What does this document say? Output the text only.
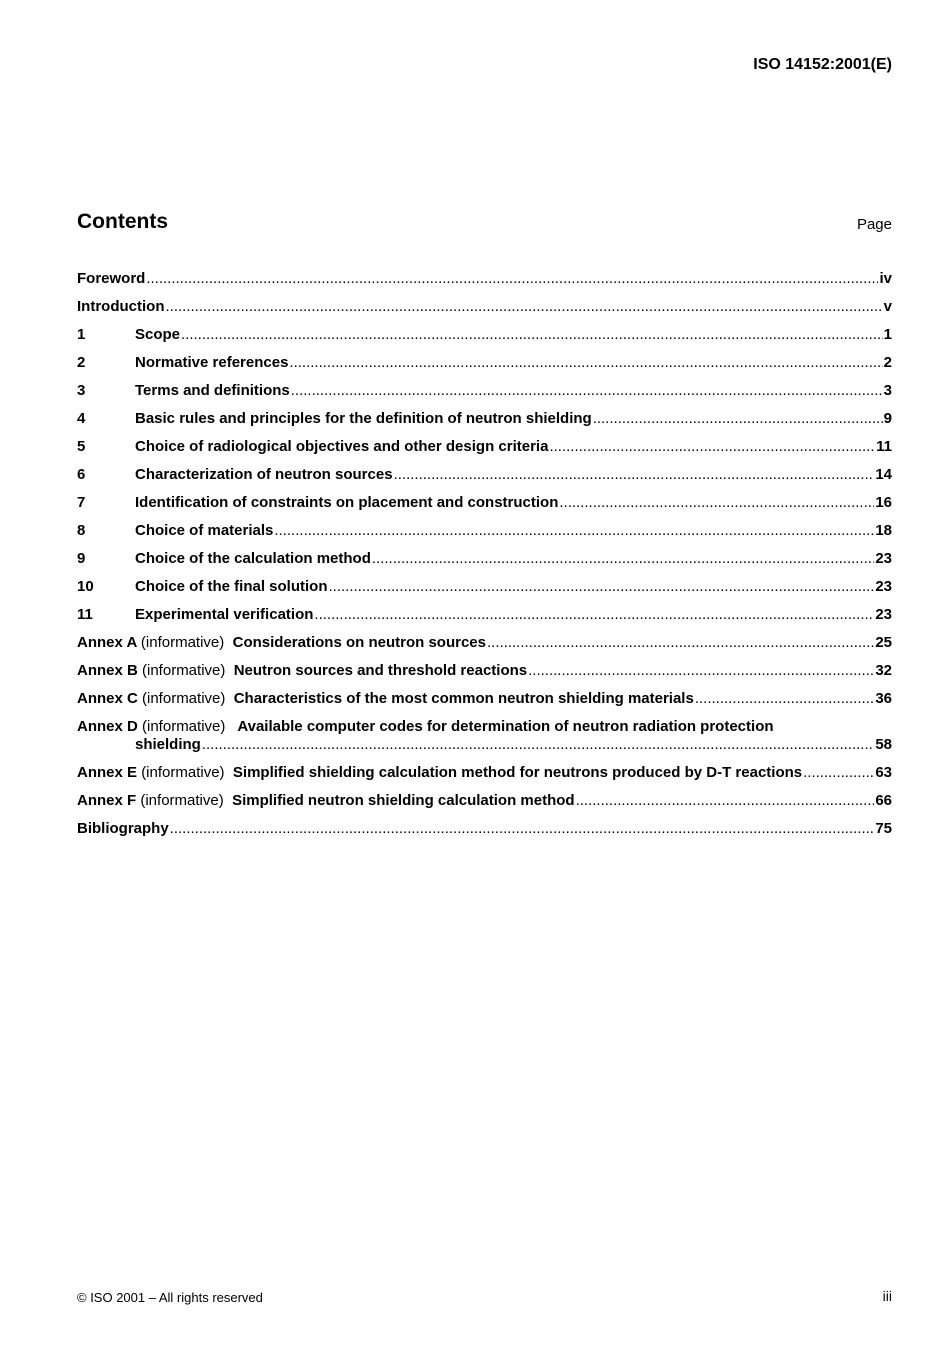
ISO 14152:2001(E)
Contents	Page
Foreword .....	iv
Introduction .....	v
1	Scope .....	1
2	Normative references .....	2
3	Terms and definitions .....	3
4	Basic rules and principles for the definition of neutron shielding .....	9
5	Choice of radiological objectives and other design criteria .....	11
6	Characterization of neutron sources .....	14
7	Identification of constraints on placement and construction .....	16
8	Choice of materials .....	18
9	Choice of the calculation method .....	23
10	Choice of the final solution .....	23
11	Experimental verification .....	23
Annex A (informative) Considerations on neutron sources .....	25
Annex B (informative) Neutron sources and threshold reactions .....	32
Annex C (informative) Characteristics of the most common neutron shielding materials .....	36
Annex D (informative) Available computer codes for determination of neutron radiation protection
shielding .....	58
Annex E (informative) Simplified shielding calculation method for neutrons produced by D-T reactions .....	63
Annex F (informative) Simplified neutron shielding calculation method .....	66
Bibliography .....	75
© ISO 2001 – All rights reserved	iii
